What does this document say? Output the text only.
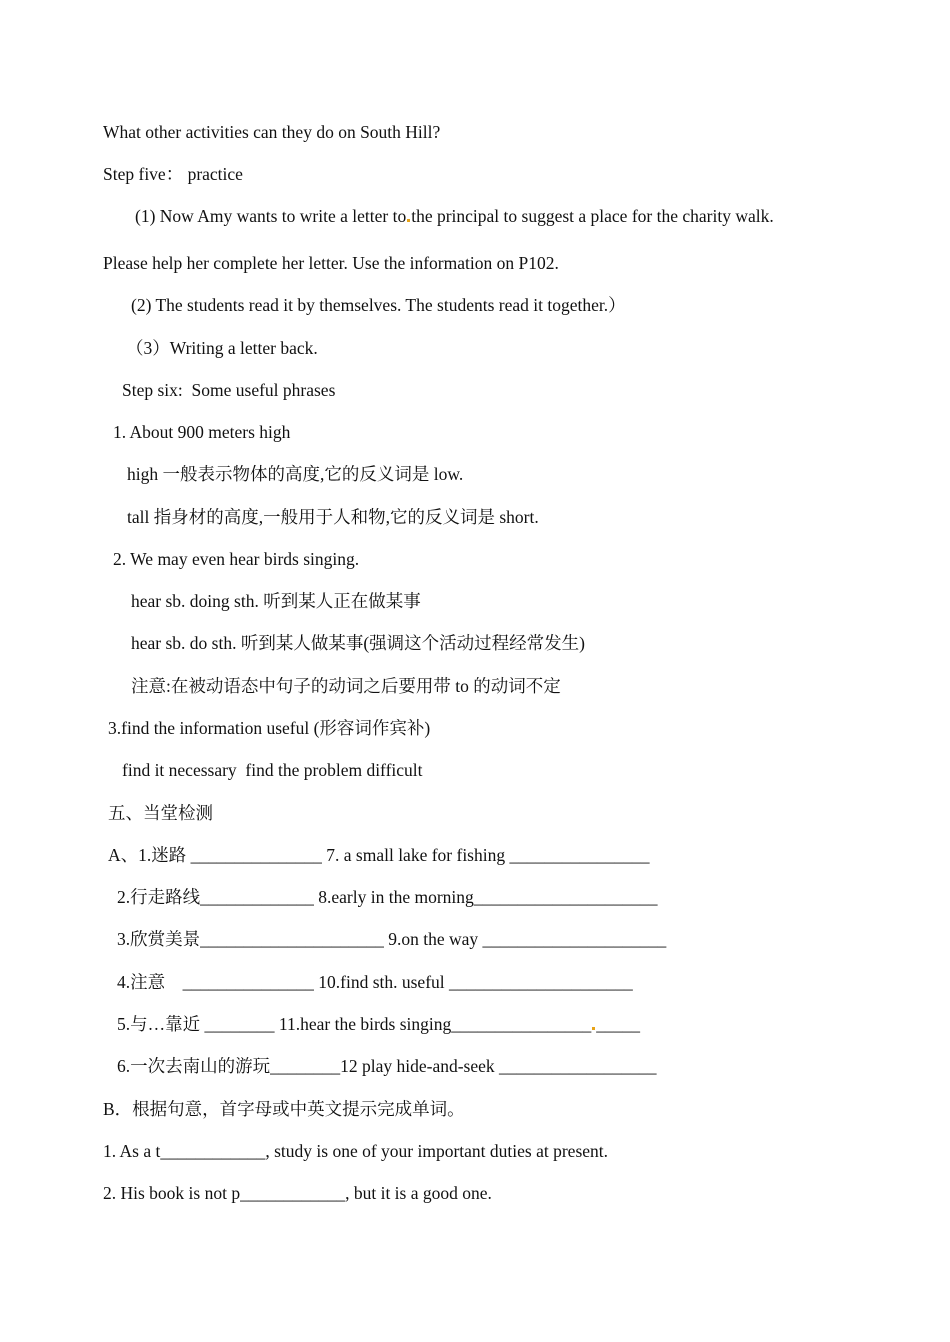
What other activities can they do on South Hill?
Step five： practice
(1) Now Amy wants to write a letter to the principal to suggest a place for the charity walk.
Please help her complete her letter. Use the information on P102.
(2) The students read it by themselves. The students read it together.）
（3）Writing a letter back.
Step six:  Some useful phrases
1. About 900 meters high
high 一般表示物体的高度,它的反义词是 low.
tall 指身材的高度,一般用于人和物,它的反义词是 short.
2. We may even hear birds singing.
hear sb. doing sth. 听到某人正在做某事
hear sb. do sth. 听到某人做某事(强调这个活动过程经常发生)
注意:在被动语态中句子的动词之后要用带 to 的动词不定
3.find the information useful (形容词作宾补)
find it necessary  find the problem difficult
五、当堂检测
A、1.迷路 _______________ 7. a small lake for fishing ________________
2.行走路线_____________ 8.early in the morning_____________________
3.欣赏美景_____________________ 9.on the way _____________________
4.注意    _______________ 10.find sth. useful _____________________
5.与…靠近 ________ 11.hear the birds singing________________ _____
6.一次去南山的游玩________12 play hide-and-seek __________________
B．根据句意，首字母或中英文提示完成单词。
1. As a t____________, study is one of your important duties at present.
2. His book is not p____________, but it is a good one.
